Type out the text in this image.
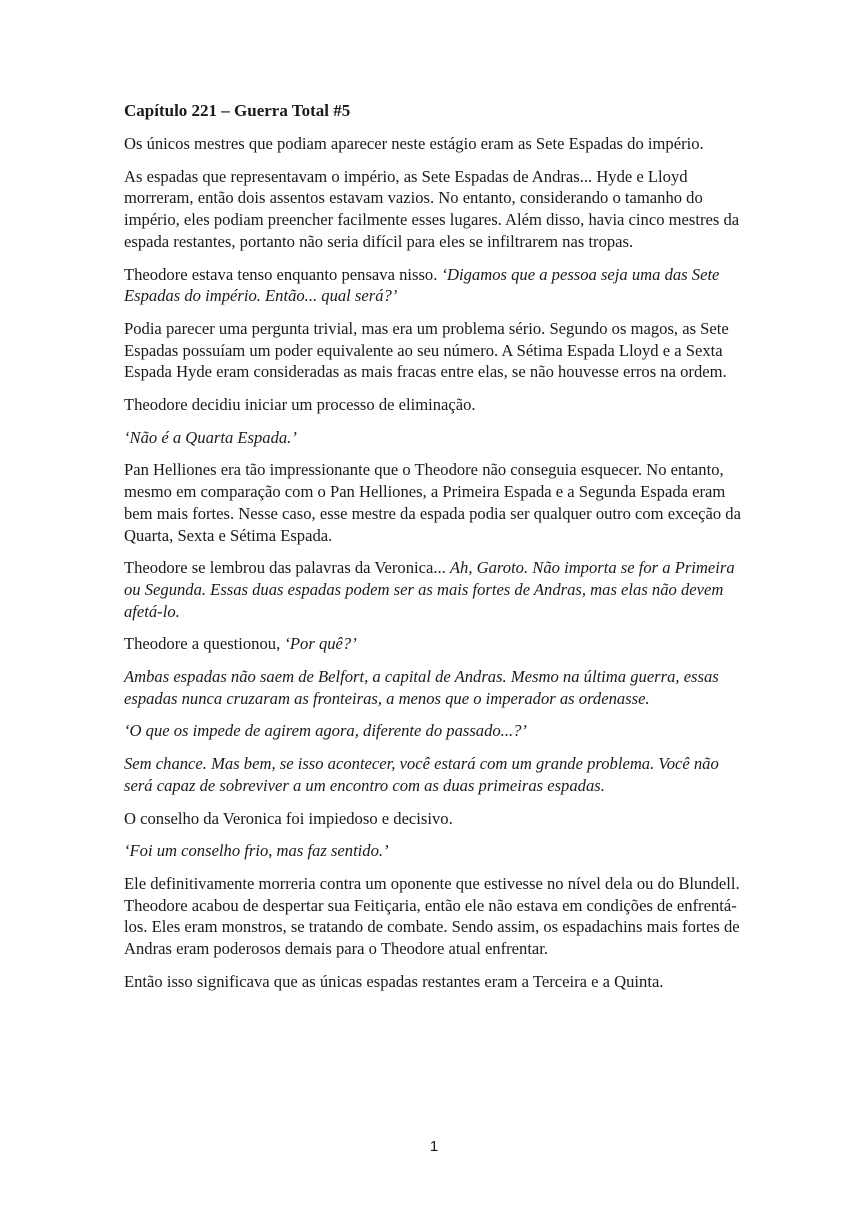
Capítulo 221 – Guerra Total #5

Os únicos mestres que podiam aparecer neste estágio eram as Sete Espadas do império.

As espadas que representavam o império, as Sete Espadas de Andras... Hyde e Lloyd morreram, então dois assentos estavam vazios. No entanto, considerando o tamanho do império, eles podiam preencher facilmente esses lugares. Além disso, havia cinco mestres da espada restantes, portanto não seria difícil para eles se infiltrarem nas tropas.

Theodore estava tenso enquanto pensava nisso. ‘Digamos que a pessoa seja uma das Sete Espadas do império. Então... qual será?’

Podia parecer uma pergunta trivial, mas era um problema sério. Segundo os magos, as Sete Espadas possuíam um poder equivalente ao seu número. A Sétima Espada Lloyd e a Sexta Espada Hyde eram consideradas as mais fracas entre elas, se não houvesse erros na ordem.

Theodore decidiu iniciar um processo de eliminação.

‘Não é a Quarta Espada.’

Pan Helliones era tão impressionante que o Theodore não conseguia esquecer. No entanto, mesmo em comparação com o Pan Helliones, a Primeira Espada e a Segunda Espada eram bem mais fortes. Nesse caso, esse mestre da espada podia ser qualquer outro com exceção da Quarta, Sexta e Sétima Espada.

Theodore se lembrou das palavras da Veronica... Ah, Garoto. Não importa se for a Primeira ou Segunda. Essas duas espadas podem ser as mais fortes de Andras, mas elas não devem afetá-lo.

Theodore a questionou, ‘Por quê?’

Ambas espadas não saem de Belfort, a capital de Andras. Mesmo na última guerra, essas espadas nunca cruzaram as fronteiras, a menos que o imperador as ordenasse.

‘O que os impede de agirem agora, diferente do passado...?’

Sem chance. Mas bem, se isso acontecer, você estará com um grande problema. Você não será capaz de sobreviver a um encontro com as duas primeiras espadas.

O conselho da Veronica foi impiedoso e decisivo.

‘Foi um conselho frio, mas faz sentido.’

Ele definitivamente morreria contra um oponente que estivesse no nível dela ou do Blundell. Theodore acabou de despertar sua Feitiçaria, então ele não estava em condições de enfrentá-los. Eles eram monstros, se tratando de combate. Sendo assim, os espadachins mais fortes de Andras eram poderosos demais para o Theodore atual enfrentar.

Então isso significava que as únicas espadas restantes eram a Terceira e a Quinta.

1
